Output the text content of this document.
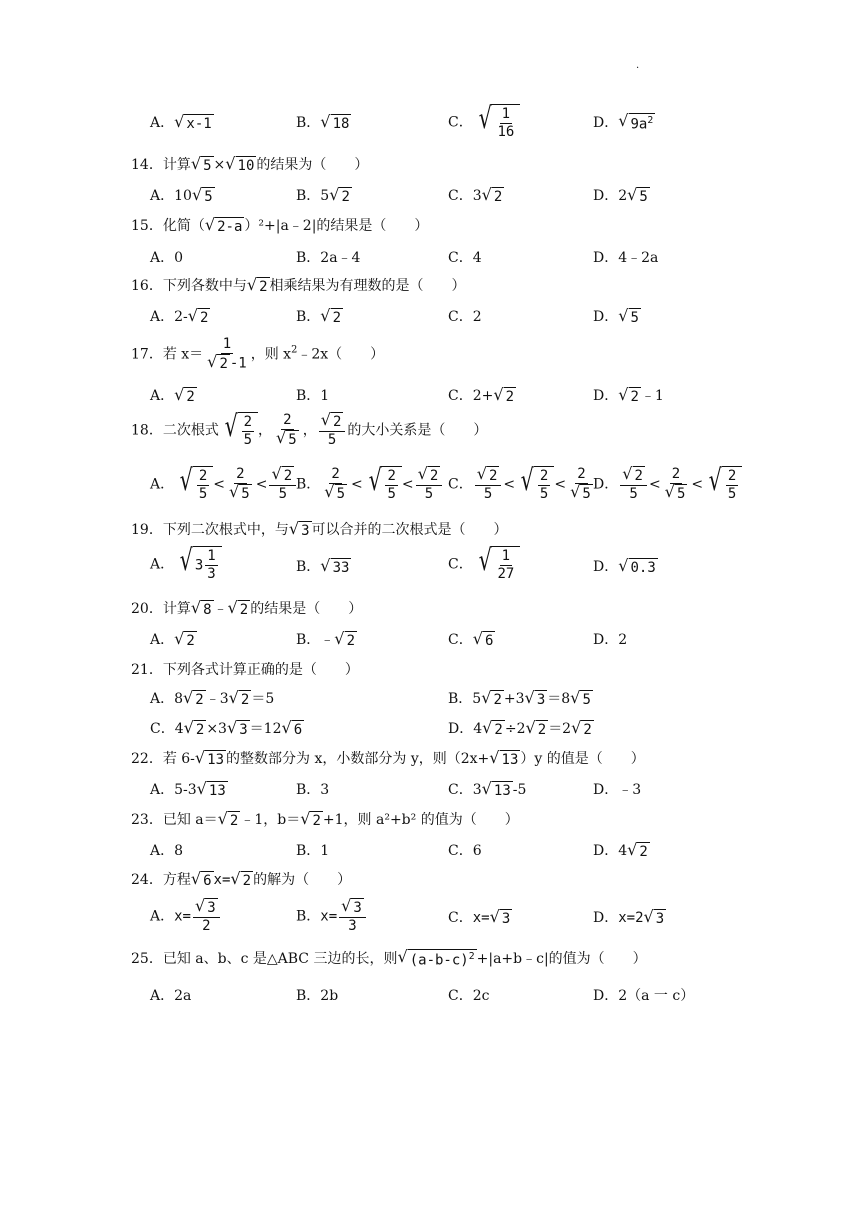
.
A． √ x-1	B． √ 18	C． √ $\frac{1}{16}$	D． √ $9a^2$
14．计算 √ 5 × √ 10 的结果为（　　）
A．10 √ 5	B．5 √ 2	C．3 √ 2	D．2 √ 5
15．化简（ √ 2-a ）²+|a﹣2|的结果是（　　）
A．0	B．2a﹣4	C．4	D．4﹣2a
16．下列各数中与 √ 2 相乘结果为有理数的是（　　）
A．2- √ 2	B． √ 2	C．2	D． √ 5
17．若 $x= \frac{1}{√ 2 -1}$ ，则 $x^2﹣2x$（　　）
A． √ 2	B．1	C．2+ √ 2	D． √ 2 ﹣1
18．二次根式 √ $\frac{2}{5}$ ， $\frac{2}{√ 5}$ ， $\frac{√ 2}{5}$ 的大小关系是（　　）
A． √ $\frac{2}{5} < \frac{2}{√ 5} < \frac{√ 2}{5}$ B． $\frac{2}{√ 5}$ < √ $\frac{2}{5} < \frac{√ 2}{5}$ C． $\frac{√ 2}{5}$ < √ $\frac{2}{5} < \frac{2}{√ 5}$
D． $\frac{√ 2}{5} < \frac{2}{√ 5}$ < √ $\frac{2}{5}$
19．下列二次根式中，与 √ 3 可以合并的二次根式是（　　）
A． √ $3 \frac{1}{3}$	B． √ 33	C． √ $\frac{1}{27}$	D． √ 0.3
20．计算 √ 8 ﹣ √ 2 的结果是（　　）
A． √ 2	B．﹣ √ 2	C． √ 6	D．2
21．下列各式计算正确的是（　　）
A．8 √ 2 ﹣3 √ 2 ＝5	B．5 √ 2 +3 √ 3 ＝8 √ 5
C．4 √ 2 ×3 √ 3 ＝12 √ 6	D．4 √ 2 ÷2 √ 2 ＝2 √ 2
22．若 6- √ 13 的整数部分为 x，小数部分为 y，则（2x+ √ 13 ）y 的值是（　　）
A．5-3 √ 13	B．3	C．3 √ 13 -5	D．﹣3
23．已知 a＝ √ 2 ﹣1，b＝ √ 2 +1，则 a²+b² 的值为（　　）
A．8	B．1	C．6	D．4 √ 2
24．方程 √ 6 x= √ 2 的解为（　　）
A．$x= \frac{√ 3}{2}$	B．$x= \frac{√ 3}{3}$	C．x= √ 3	D．x=2 √ 3
25．已知 a、b、c 是△ABC 三边的长，则 √ $(a-b-c)^2$ +|a+b﹣c|的值为（　　）
A．2a	B．2b	C．2c	D．2（a 一 c）
